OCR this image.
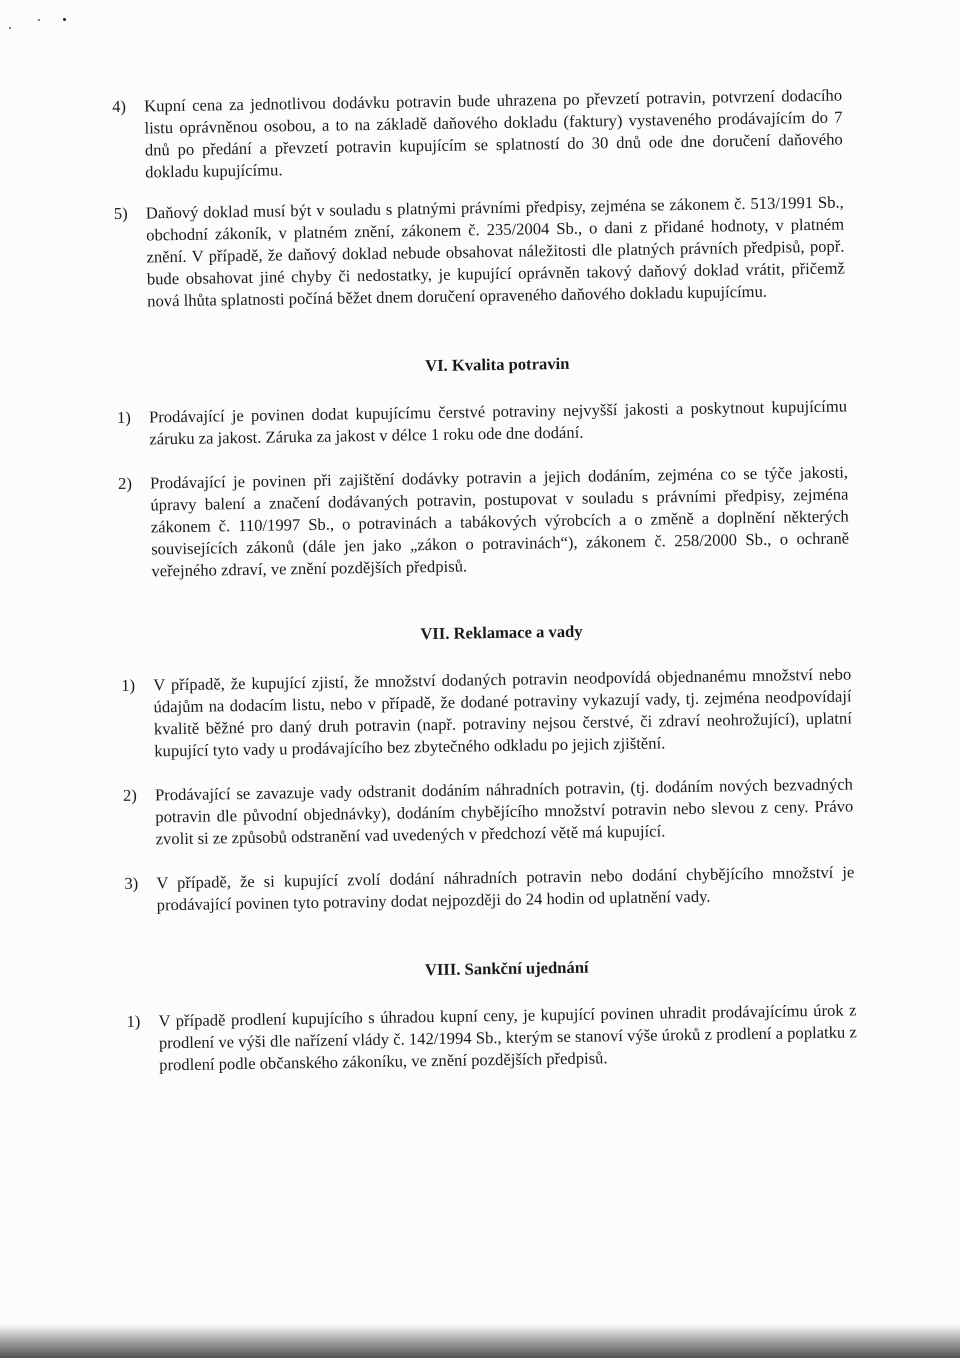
4) Kupní cena za jednotlivou dodávku potravin bude uhrazena po převzetí potravin, potvrzení dodacího listu oprávněnou osobou, a to na základě daňového dokladu (faktury) vystaveného prodávajícím do 7 dnů po předání a převzetí potravin kupujícím se splatností do 30 dnů ode dne doručení daňového dokladu kupujícímu.
5) Daňový doklad musí být v souladu s platnými právními předpisy, zejména se zákonem č. 513/1991 Sb., obchodní zákoník, v platném znění, zákonem č. 235/2004 Sb., o dani z přidané hodnoty, v platném znění. V případě, že daňový doklad nebude obsahovat náležitosti dle platných právních předpisů, popř. bude obsahovat jiné chyby či nedostatky, je kupující oprávněn takový daňový doklad vrátit, přičemž nová lhůta splatnosti počíná běžet dnem doručení opraveného daňového dokladu kupujícímu.
VI. Kvalita potravin
1) Prodávající je povinen dodat kupujícímu čerstvé potraviny nejvyšší jakosti a poskytnout kupujícímu záruku za jakost. Záruka za jakost v délce 1 roku ode dne dodání.
2) Prodávající je povinen při zajištění dodávky potravin a jejich dodáním, zejména co se týče jakosti, úpravy balení a značení dodávaných potravin, postupovat v souladu s právními předpisy, zejména zákonem č. 110/1997 Sb., o potravinách a tabákových výrobcích a o změně a doplnění některých souvisejících zákonů (dále jen jako „zákon o potravinách“), zákonem č. 258/2000 Sb., o ochraně veřejného zdraví, ve znění pozdějších předpisů.
VII. Reklamace a vady
1) V případě, že kupující zjistí, že množství dodaných potravin neodpovídá objednanému množství nebo údajům na dodacím listu, nebo v případě, že dodané potraviny vykazují vady, tj. zejména neodpovídají kvalitě běžné pro daný druh potravin (např. potraviny nejsou čerstvé, či zdraví neohrožující), uplatní kupující tyto vady u prodávajícího bez zbytečného odkladu po jejich zjištění.
2) Prodávající se zavazuje vady odstranit dodáním náhradních potravin, (tj. dodáním nových bezvadných potravin dle původní objednávky), dodáním chybějícího množství potravin nebo slevou z ceny. Právo zvolit si ze způsobů odstranění vad uvedených v předchozí větě má kupující.
3) V případě, že si kupující zvolí dodání náhradních potravin nebo dodání chybějícího množství je prodávající povinen tyto potraviny dodat nejpozději do 24 hodin od uplatnění vady.
VIII. Sankční ujednání
1) V případě prodlení kupujícího s úhradou kupní ceny, je kupující povinen uhradit prodávajícímu úrok z prodlení ve výši dle nařízení vlády č. 142/1994 Sb., kterým se stanoví výše úroků z prodlení a poplatku z prodlení podle občanského zákoníku, ve znění pozdějších předpisů.
